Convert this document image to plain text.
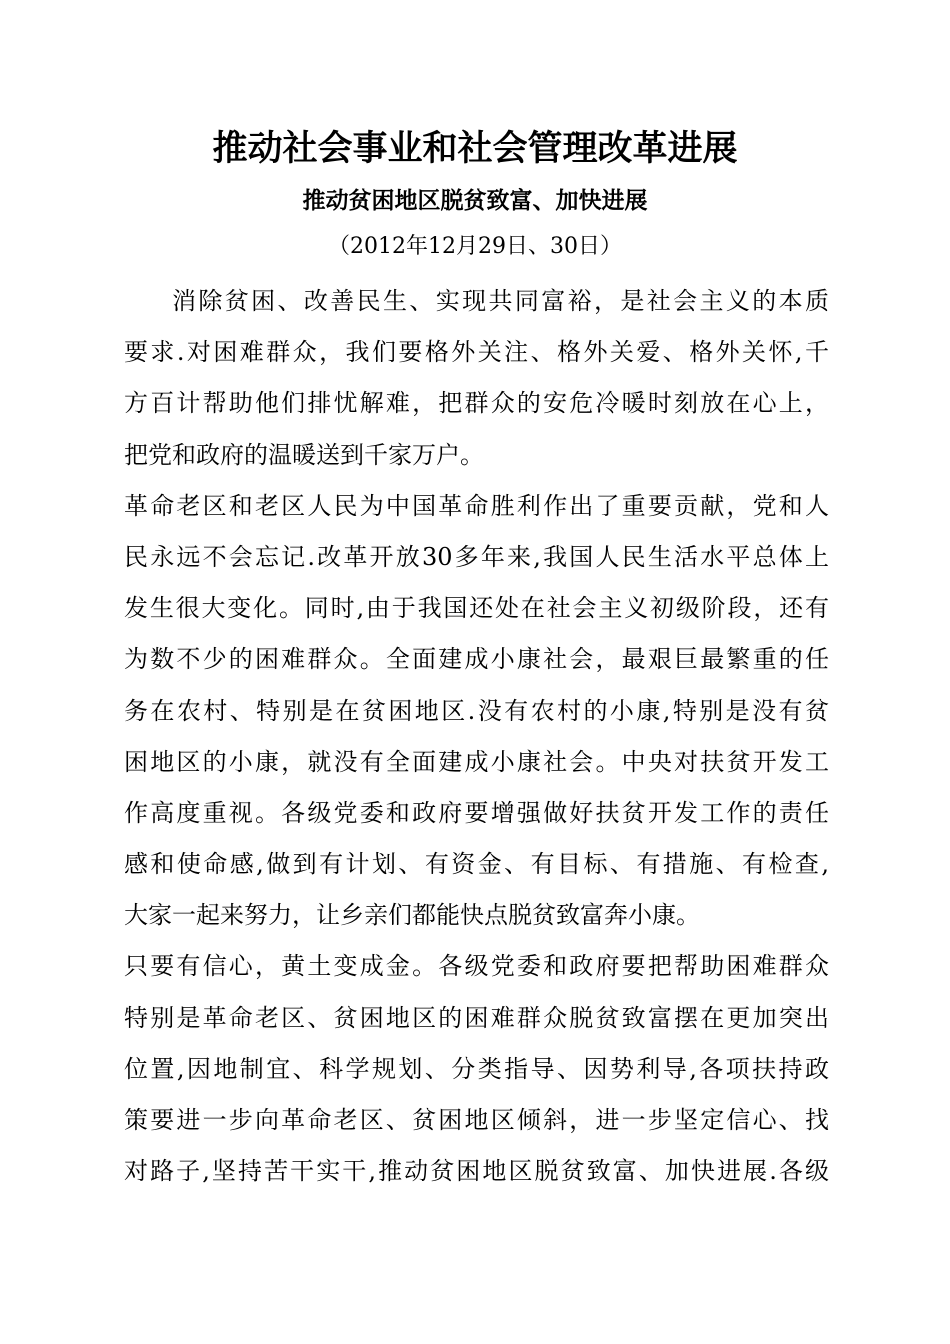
推动社会事业和社会管理改革进展
推动贫困地区脱贫致富、加快进展
（2012年12月29日、30日）
消除贫困、改善民生、实现共同富裕，是社会主义的本质
要求.对困难群众，我们要格外关注、格外关爱、格外关怀,千
方百计帮助他们排忧解难，把群众的安危冷暖时刻放在心上，
把党和政府的温暖送到千家万户。
革命老区和老区人民为中国革命胜利作出了重要贡献，党和人
民永远不会忘记.改革开放30多年来,我国人民生活水平总体上
发生很大变化。同时,由于我国还处在社会主义初级阶段，还有
为数不少的困难群众。全面建成小康社会，最艰巨最繁重的任
务在农村、特别是在贫困地区.没有农村的小康,特别是没有贫
困地区的小康，就没有全面建成小康社会。中央对扶贫开发工
作高度重视。各级党委和政府要增强做好扶贫开发工作的责任
感和使命感,做到有计划、有资金、有目标、有措施、有检查,
大家一起来努力，让乡亲们都能快点脱贫致富奔小康。
只要有信心，黄土变成金。各级党委和政府要把帮助困难群众
特别是革命老区、贫困地区的困难群众脱贫致富摆在更加突出
位置,因地制宜、科学规划、分类指导、因势利导,各项扶持政
策要进一步向革命老区、贫困地区倾斜，进一步坚定信心、找
对路子,坚持苦干实干,推动贫困地区脱贫致富、加快进展.各级
